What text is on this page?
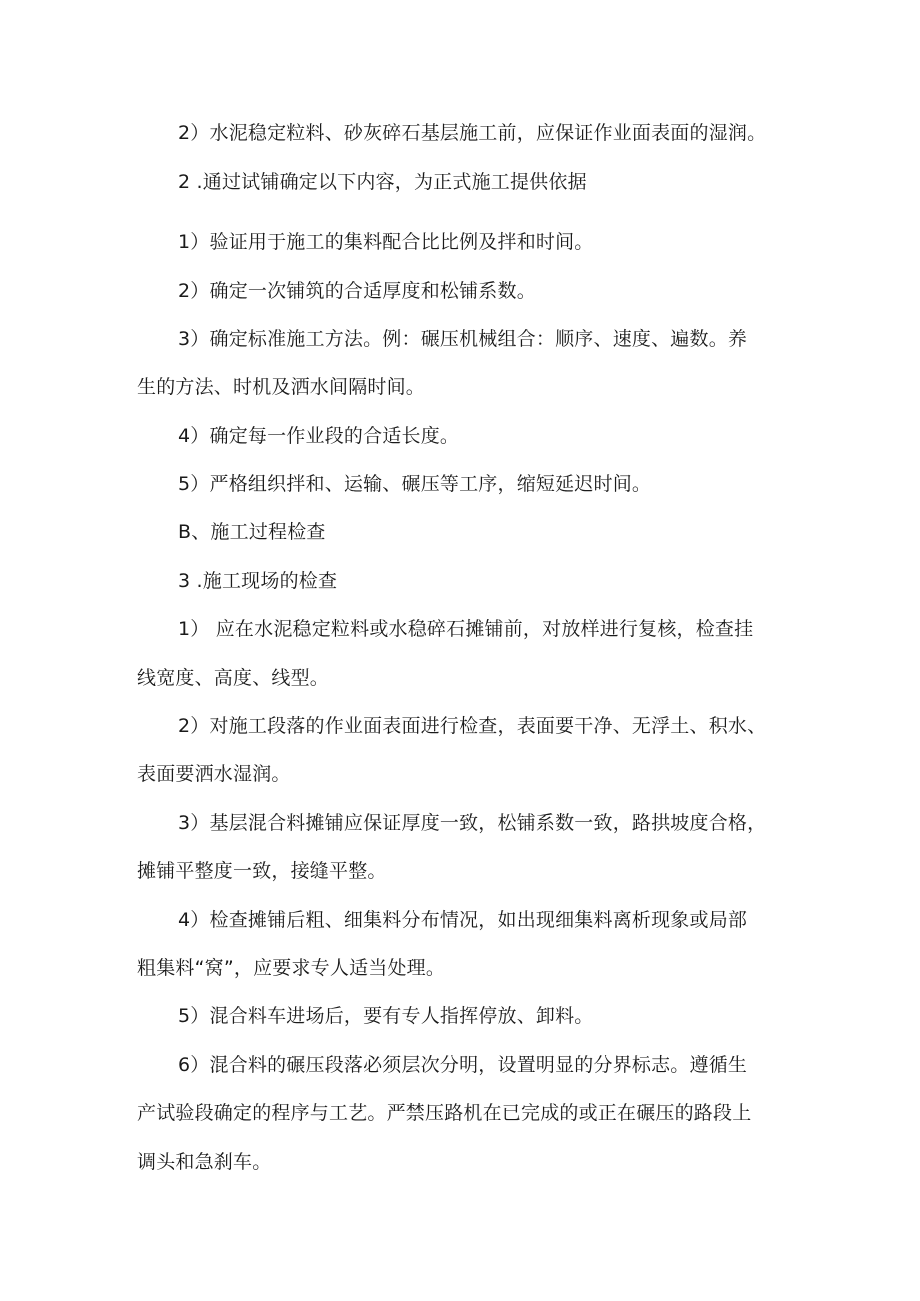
2）水泥稳定粒料、砂灰碎石基层施工前，应保证作业面表面的湿润。
2 .通过试铺确定以下内容，为正式施工提供依据
1）验证用于施工的集料配合比比例及拌和时间。
2）确定一次铺筑的合适厚度和松铺系数。
3）确定标准施工方法。例：碾压机械组合：顺序、速度、遍数。养
生的方法、时机及洒水间隔时间。
4）确定每一作业段的合适长度。
5）严格组织拌和、运输、碾压等工序，缩短延迟时间。
B、施工过程检查
3 .施工现场的检查
1） 应在水泥稳定粒料或水稳碎石摊铺前，对放样进行复核，检查挂
线宽度、高度、线型。
2）对施工段落的作业面表面进行检查，表面要干净、无浮土、积水、
表面要洒水湿润。
3）基层混合料摊铺应保证厚度一致，松铺系数一致，路拱坡度合格，
摊铺平整度一致，接缝平整。
4）检查摊铺后粗、细集料分布情况，如出现细集料离析现象或局部
粗集料“窝”，应要求专人适当处理。
5）混合料车进场后，要有专人指挥停放、卸料。
6）混合料的碾压段落必须层次分明，设置明显的分界标志。遵循生
产试验段确定的程序与工艺。严禁压路机在已完成的或正在碾压的路段上
调头和急刹车。
